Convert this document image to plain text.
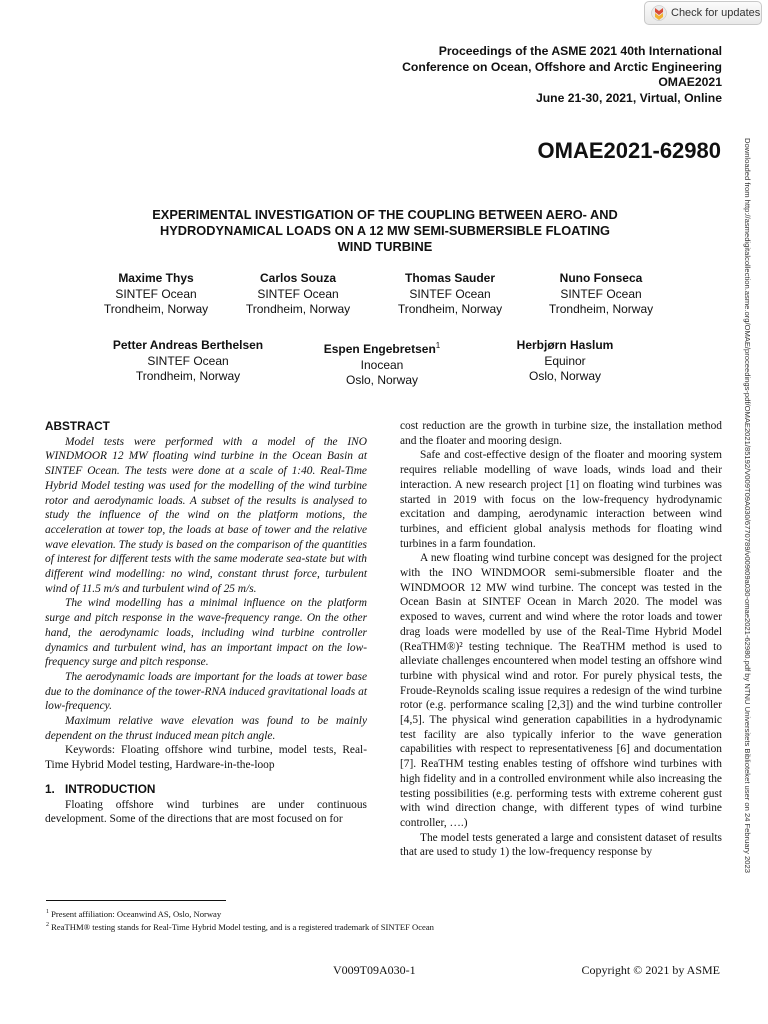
Check for updates
Proceedings of the ASME 2021 40th International
Conference on Ocean, Offshore and Arctic Engineering
OMAE2021
June 21-30, 2021, Virtual, Online
OMAE2021-62980
EXPERIMENTAL INVESTIGATION OF THE COUPLING BETWEEN AERO- AND
HYDRODYNAMICAL LOADS ON A 12 MW SEMI-SUBMERSIBLE FLOATING
WIND TURBINE
Maxime Thys
SINTEF Ocean
Trondheim, Norway
Carlos Souza
SINTEF Ocean
Trondheim, Norway
Thomas Sauder
SINTEF Ocean
Trondheim, Norway
Nuno Fonseca
SINTEF Ocean
Trondheim, Norway
Petter Andreas Berthelsen
SINTEF Ocean
Trondheim, Norway
Espen Engebretsen$^1$
Inocean
Oslo, Norway
Herbjørn Haslum
Equinor
Oslo, Norway	Downloaded from http://asmedigitalcollection.asme.org/OMAE/proceedings-pdf/OMAE2021/85192/V009T09A030/6770789/v009t09a030-omae2021-62980.pdf by NTNU Universitets Biblioteket user on 24 February 2023
ABSTRACT

Model tests were performed with a model of the INO WINDMOOR 12 MW floating wind turbine in the Ocean Basin at SINTEF Ocean. The tests were done at a scale of 1:40. Real-Time Hybrid Model testing was used for the modelling of the wind turbine rotor and aerodynamic loads. A subset of the results is analysed to study the influence of the wind on the platform motions, the acceleration at tower top, the loads at base of tower and the relative wave elevation. The study is based on the comparison of the quantities of interest for different tests with the same moderate sea-state but with different wind modelling: no wind, constant thrust force, turbulent wind of 11.5 m/s and turbulent wind of 25 m/s.

The wind modelling has a minimal influence on the platform surge and pitch response in the wave-frequency range. On the other hand, the aerodynamic loads, including wind turbine controller dynamics and turbulent wind, has an important impact on the low-frequency surge and pitch response.

The aerodynamic loads are important for the loads at tower base due to the dominance of the tower-RNA induced gravitational loads at low-frequency.

Maximum relative wave elevation was found to be mainly dependent on the thrust induced mean pitch angle.

Keywords: Floating offshore wind turbine, model tests, Real-Time Hybrid Model testing, Hardware-in-the-loop

1. INTRODUCTION

Floating offshore wind turbines are under continuous development. Some of the directions that are most focused on for

cost reduction are the growth in turbine size, the installation method and the floater and mooring design.

Safe and cost-effective design of the floater and mooring system requires reliable modelling of wave loads, winds load and their interaction. A new research project [1] on floating wind turbines was started in 2019 with focus on the low-frequency hydrodynamic excitation and damping, aerodynamic interaction between wind turbines, and efficient global analysis methods for floating wind turbines in a farm foundation.

A new floating wind turbine concept was designed for the project with the INO WINDMOOR semi-submersible floater and the WINDMOOR 12 MW wind turbine. The concept was tested in the Ocean Basin at SINTEF Ocean in March 2020. The model was exposed to waves, current and wind where the rotor loads and tower drag loads were modelled by use of the Real-Time Hybrid Model (ReaTHM®)² testing technique. The ReaTHM method is used to alleviate challenges encountered when model testing an offshore wind turbine with physical wind and rotor. For purely physical tests, the Froude-Reynolds scaling issue requires a redesign of the wind turbine rotor (e.g. performance scaling [2,3]) and the wind turbine controller [4,5]. The physical wind generation capabilities in a hydrodynamic test facility are also typically inferior to the wave generation capabilities with respect to representativeness [6] and documentation [7]. ReaTHM testing enables testing of offshore wind turbines with high fidelity and in a controlled environment while also increasing the testing possibilities (e.g. performing tests with extreme coherent gust with wind direction change, with different types of wind turbine controller, ….)

The model tests generated a large and consistent dataset of results that are used to study 1) the low-frequency response by

$^1$ Present affiliation: Oceanwind AS, Oslo, Norway
$^2$ ReaTHM® testing stands for Real-Time Hybrid Model testing, and is a registered trademark of SINTEF Ocean
V009T09A030-1	Copyright © 2021 by ASME
